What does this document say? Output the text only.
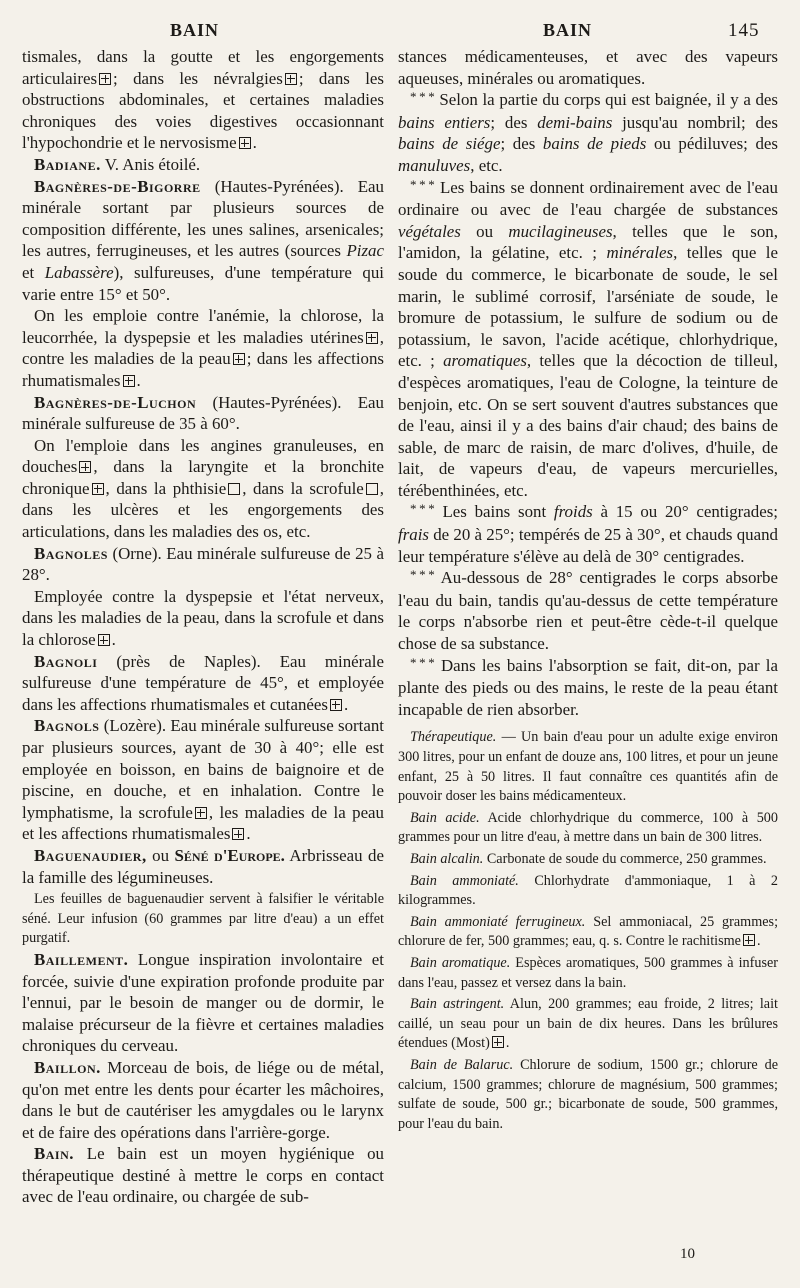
BAIN	BAIN	145

tismales, dans la goutte et les engorgements articulaires ; dans les névralgies ; dans les obstructions abdominales, et certaines maladies chroniques des voies digestives occasionnant l'hypochondrie et le nervosisme .

Badiane. V. Anis étoilé.

Bagnères-de-Bigorre (Hautes-Pyrénées). Eau minérale sortant par plusieurs sources de composition différente, les unes salines, arsenicales; les autres, ferrugineuses, et les autres (sources Pizac et Labassère), sulfureuses, d'une température qui varie entre 15° et 50°.

On les emploie contre l'anémie, la chlorose, la leucorrhée, la dyspepsie et les maladies utérines , contre les maladies de la peau ; dans les affections rhumatismales .

Bagnères-de-Luchon (Hautes-Pyrénées). Eau minérale sulfureuse de 35 à 60°.

On l'emploie dans les angines granuleuses, en douches , dans la laryngite et la bronchite chronique , dans la phthisie , dans la scrofule , dans les ulcères et les engorgements des articulations, dans les maladies des os, etc.

Bagnoles (Orne). Eau minérale sulfureuse de 25 à 28°.

Employée contre la dyspepsie et l'état nerveux, dans les maladies de la peau, dans la scrofule et dans la chlorose .

Bagnoli (près de Naples). Eau minérale sulfureuse d'une température de 45°, et employée dans les affections rhumatismales et cutanées .

Bagnols (Lozère). Eau minérale sulfureuse sortant par plusieurs sources, ayant de 30 à 40°; elle est employée en boisson, en bains de baignoire et de piscine, en douche, et en inhalation. Contre le lymphatisme, la scrofule , les maladies de la peau et les affections rhumatismales .

Baguenaudier, ou Séné d'Europe. Arbrisseau de la famille des légumineuses.

Les feuilles de baguenaudier servent à falsifier le véritable séné. Leur infusion (60 grammes par litre d'eau) a un effet purgatif.

Baillement. Longue inspiration involontaire et forcée, suivie d'une expiration profonde produite par l'ennui, par le besoin de manger ou de dormir, le malaise précurseur de la fièvre et certaines maladies chroniques du cerveau.

Baillon. Morceau de bois, de liége ou de métal, qu'on met entre les dents pour écarter les mâchoires, dans le but de cautériser les amygdales ou le larynx et de faire des opérations dans l'arrière-gorge.

Bain. Le bain est un moyen hygiénique ou thérapeutique destiné à mettre le corps en contact avec de l'eau ordinaire, ou chargée de sub-

stances médicamenteuses, et avec des vapeurs aqueuses, minérales ou aromatiques.

* * * Selon la partie du corps qui est baignée, il y a des bains entiers; des demi-bains jusqu'au nombril; des bains de siége; des bains de pieds ou pédiluves; des manuluves, etc.

* * * Les bains se donnent ordinairement avec de l'eau ordinaire ou avec de l'eau chargée de substances végétales ou mucilagineuses, telles que le son, l'amidon, la gélatine, etc. ; minérales, telles que le soude du commerce, le bicarbonate de soude, le sel marin, le sublimé corrosif, l'arséniate de soude, le bromure de potassium, le sulfure de sodium ou de potassium, le savon, l'acide acétique, chlorhydrique, etc. ; aromatiques, telles que la décoction de tilleul, d'espèces aromatiques, l'eau de Cologne, la teinture de benjoin, etc. On se sert souvent d'autres substances que de l'eau, ainsi il y a des bains d'air chaud; des bains de sable, de marc de raisin, de marc d'olives, d'huile, de lait, de vapeurs d'eau, de vapeurs mercurielles, térébenthinées, etc.

* * * Les bains sont froids à 15 ou 20° centigrades; frais de 20 à 25°; tempérés de 25 à 30°, et chauds quand leur température s'élève au delà de 30° centigrades.

* * * Au-dessous de 28° centigrades le corps absorbe l'eau du bain, tandis qu'au-dessus de cette température le corps n'absorbe rien et peut-être cède-t-il quelque chose de sa substance.

* * * Dans les bains l'absorption se fait, dit-on, par la plante des pieds ou des mains, le reste de la peau étant incapable de rien absorber.

Thérapeutique. — Un bain d'eau pour un adulte exige environ 300 litres, pour un enfant de douze ans, 100 litres, et pour un jeune enfant, 25 à 50 litres. Il faut connaître ces quantités afin de pouvoir doser les bains médicamenteux.

Bain acide. Acide chlorhydrique du commerce, 100 à 500 grammes pour un litre d'eau, à mettre dans un bain de 300 litres.

Bain alcalin. Carbonate de soude du commerce, 250 grammes.

Bain ammoniaté. Chlorhydrate d'ammoniaque, 1 à 2 kilogrammes.

Bain ammoniaté ferrugineux. Sel ammoniacal, 25 grammes; chlorure de fer, 500 grammes; eau, q. s. Contre le rachitisme .

Bain aromatique. Espèces aromatiques, 500 grammes à infuser dans l'eau, passez et versez dans la bain.

Bain astringent. Alun, 200 grammes; eau froide, 2 litres; lait caillé, un seau pour un bain de dix heures. Dans les brûlures étendues (Most) .

Bain de Balaruc. Chlorure de sodium, 1500 gr.; chlorure de calcium, 1500 grammes; chlorure de magnésium, 500 grammes; sulfate de soude, 500 gr.; bicarbonate de soude, 500 grammes, pour l'eau du bain.

10
